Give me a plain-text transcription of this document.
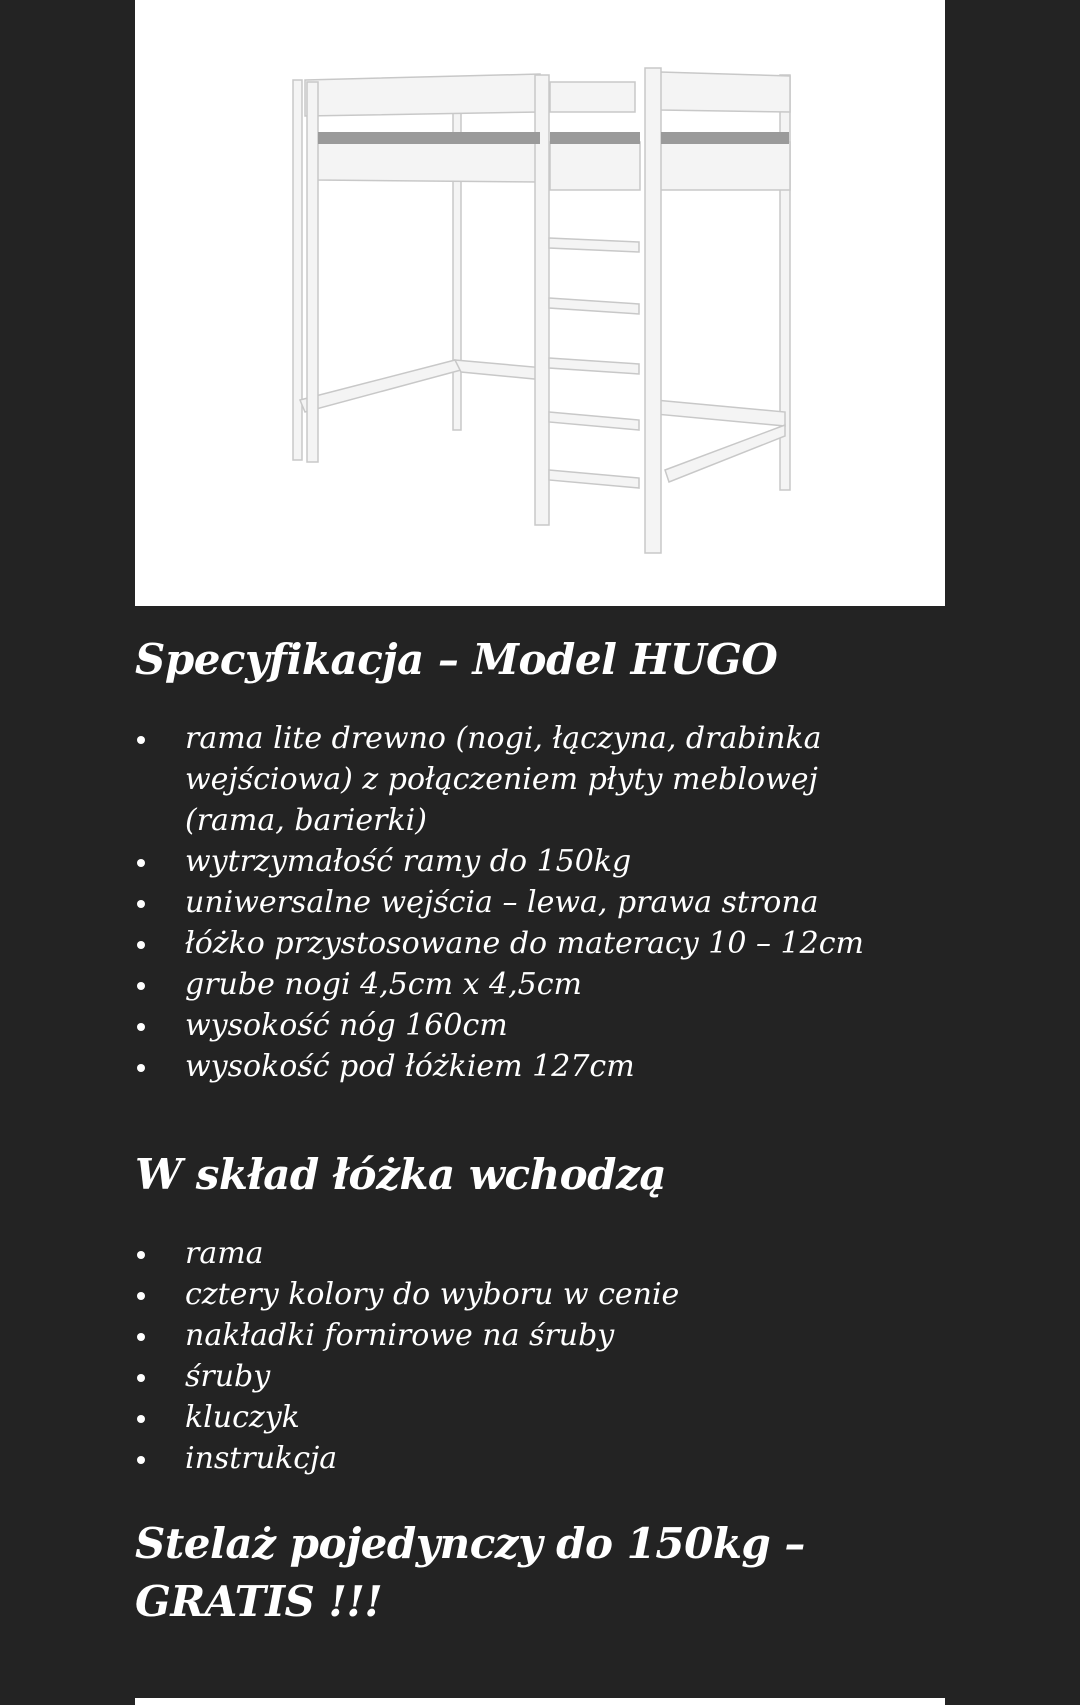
Specyfikacja – Model HUGO
rama lite drewno (nogi, łączyna, drabinka wejściowa) z połączeniem płyty meblowej (rama, barierki)
wytrzymałość ramy do 150kg
uniwersalne wejścia – lewa, prawa strona
łóżko przystosowane do materacy 10 – 12cm
grube nogi 4,5cm x 4,5cm
wysokość nóg 160cm
wysokość pod łóżkiem 127cm
W skład łóżka wchodzą
rama
cztery kolory do wyboru w cenie
nakładki fornirowe na śruby
śruby
kluczyk
instrukcja
Stelaż pojedynczy do 150kg – GRATIS !!!
